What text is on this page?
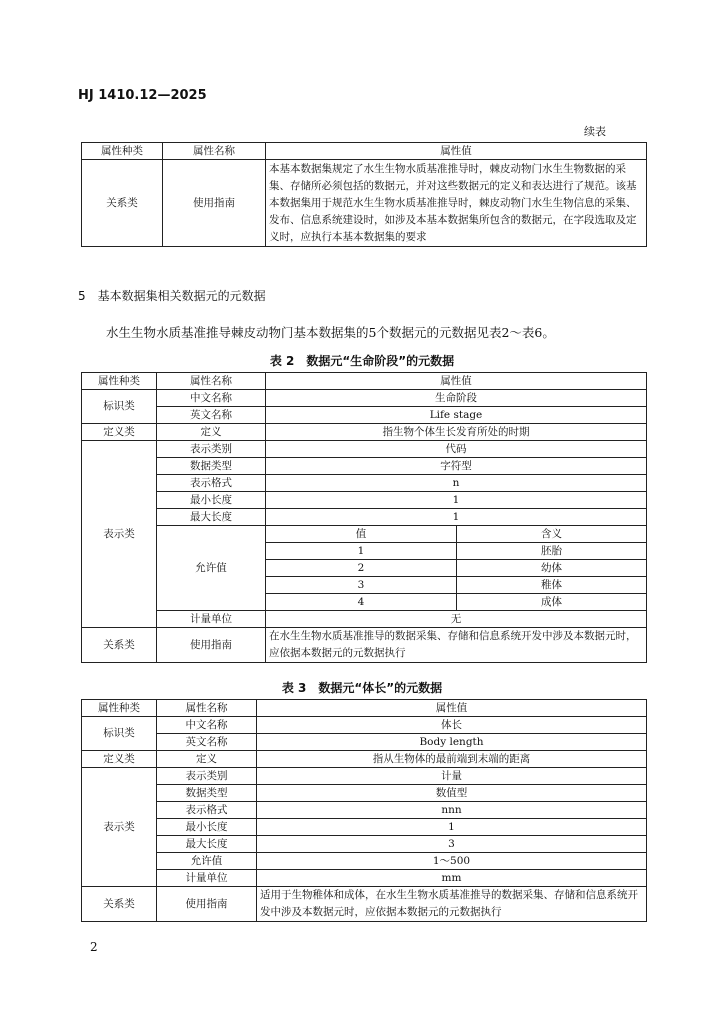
HJ 1410.12—2025
续表
属性种类	属性名称	属性值
关系类	使用指南	本基本数据集规定了水生生物水质基准推导时，棘皮动物门水生生物数据的采集、存储所必须包括的数据元，并对这些数据元的定义和表达进行了规范。该基本数据集用于规范水生生物水质基准推导时，棘皮动物门水生生物信息的采集、发布、信息系统建设时，如涉及本基本数据集所包含的数据元，在字段选取及定义时，应执行本基本数据集的要求
5　基本数据集相关数据元的元数据
水生生物水质基准推导棘皮动物门基本数据集的5个数据元的元数据见表2～表6。
表 2　数据元“生命阶段”的元数据
属性种类	属性名称	属性值	
标识类	中文名称	生命阶段	
	英文名称	Life stage	
定义类	定义	指生物个体生长发育所处的时期	
表示类	表示类别	代码	
	数据类型	字符型	
	表示格式	n	
	最小长度	1	
	最大长度	1	
	允许值	值	含义
		1	胚胎
		2	幼体
		3	稚体
		4	成体
	计量单位	无	
关系类	使用指南	在水生生物水质基准推导的数据采集、存储和信息系统开发中涉及本数据元时，应依据本数据元的元数据执行	
表 3　数据元“体长”的元数据
属性种类	属性名称	属性值
标识类	中文名称	体长
	英文名称	Body length
定义类	定义	指从生物体的最前端到末端的距离
表示类	表示类别	计量
	数据类型	数值型
	表示格式	nnn
	最小长度	1
	最大长度	3
	允许值	1～500
	计量单位	mm
关系类	使用指南	适用于生物稚体和成体，在水生生物水质基准推导的数据采集、存储和信息系统开发中涉及本数据元时，应依据本数据元的元数据执行
2
